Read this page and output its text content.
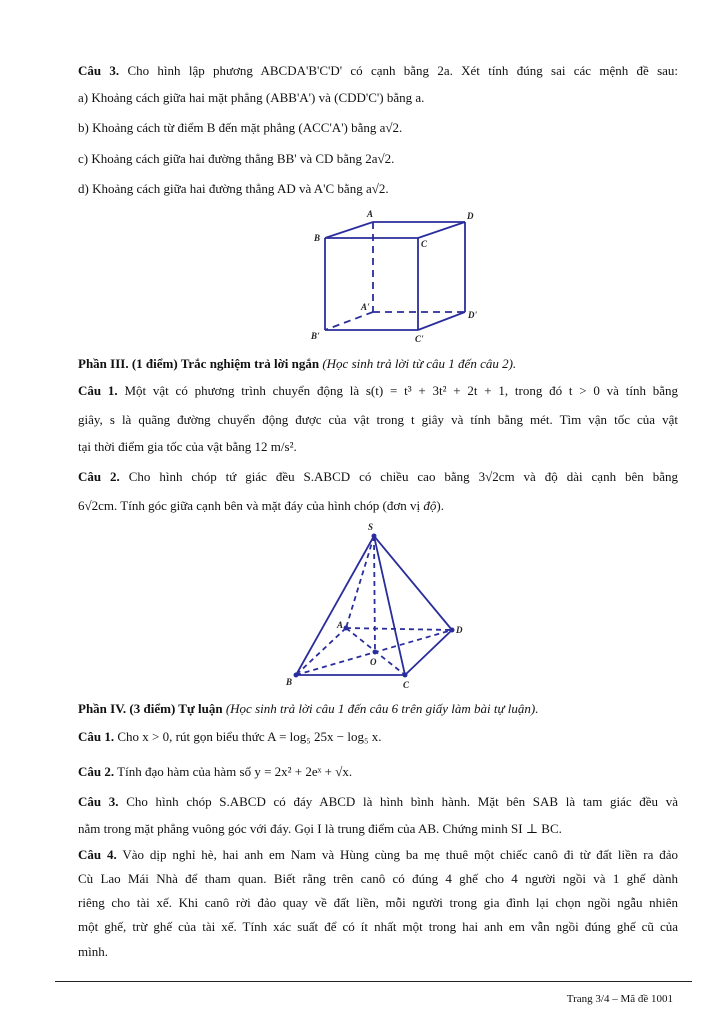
Câu 3. Cho hình lập phương ABCDA'B'C'D' có cạnh bằng 2a. Xét tính đúng sai các mệnh đề sau:
a) Khoảng cách giữa hai mặt phẳng (ABB'A') và (CDD'C') bằng a.
b) Khoảng cách từ điểm B đến mặt phẳng (ACC'A') bằng a√2.
c) Khoảng cách giữa hai đường thẳng BB' và CD bằng 2a√2.
d) Khoảng cách giữa hai đường thẳng AD và A'C bằng a√2.
A	D
B
C
A'
D'
B'	C'
Phần III. (1 điểm) Trắc nghiệm trả lời ngắn (Học sinh trả lời từ câu 1 đến câu 2).
Câu 1. Một vật có phương trình chuyển động là s(t) = t³ + 3t² + 2t + 1, trong đó t > 0 và tính bằng
giây, s là quãng đường chuyển động được của vật trong t giây và tính bằng mét. Tìm vận tốc của vật
tại thời điểm gia tốc của vật bằng 12 m/s².
Câu 2. Cho hình chóp tứ giác đều S.ABCD có chiều cao bằng 3√2cm và độ dài cạnh bên bằng
6√2cm. Tính góc giữa cạnh bên và mặt đáy của hình chóp (đơn vị độ).
S
A
B	C
D
O
Phần IV. (3 điểm) Tự luận (Học sinh trả lời câu 1 đến câu 6 trên giấy làm bài tự luận).
Câu 1. Cho x > 0, rút gọn biểu thức A = log₅ 25x − log₅ x.
Câu 2. Tính đạo hàm của hàm số y = 2x² + 2eˣ + √x.
Câu 3. Cho hình chóp S.ABCD có đáy ABCD là hình bình hành. Mặt bên SAB là tam giác đều và
nằm trong mặt phẳng vuông góc với đáy. Gọi I là trung điểm của AB. Chứng minh SI ⊥ BC.
Câu 4. Vào dịp nghỉ hè, hai anh em Nam và Hùng cùng ba mẹ thuê một chiếc canô đi từ đất liền ra đảo
Cù Lao Mái Nhà để tham quan. Biết rằng trên canô có đúng 4 ghế cho 4 người ngồi và 1 ghế dành
riêng cho tài xế. Khi canô rời đảo quay về đất liền, mỗi người trong gia đình lại chọn ngồi ngẫu nhiên
một ghế, trừ ghế của tài xế. Tính xác suất để có ít nhất một trong hai anh em vẫn ngồi đúng ghế cũ của
mình.
Trang 3/4 – Mã đề 1001
